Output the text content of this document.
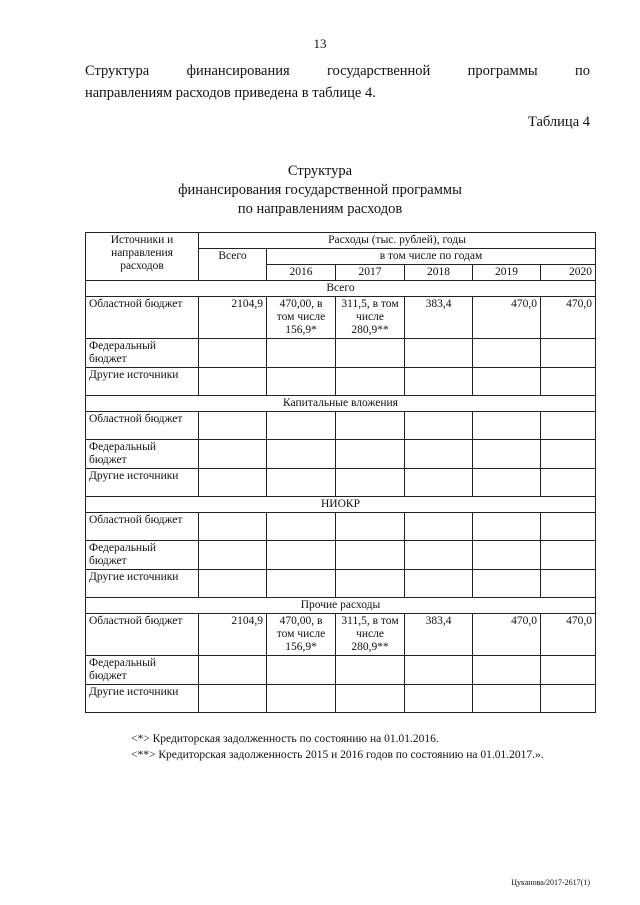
13
Структура	финансирования	государственной	программы	по
направлениям расходов приведена в таблице 4.
Таблица 4
Структура
финансирования государственной программы
по направлениям расходов
Источники и направления расходов	Расходы (тыс. рублей), годы					
	Всего	в том числе по годам				
		2016	2017	2018	2019	2020
Всего						
Областной бюджет	2104,9	470,00, в том числе 156,9*	311,5, в том числе 280,9**	383,4	470,0	470,0
Федеральный бюджет						
Другие источники						
Капитальные вложения						
Областной бюджет						
Федеральный бюджет						
Другие источники						
НИОКР						
Областной бюджет						
Федеральный бюджет						
Другие источники						
Прочие расходы						
Областной бюджет	2104,9	470,00, в том числе 156,9*	311,5, в том числе 280,9**	383,4	470,0	470,0
Федеральный бюджет						
Другие источники						
<*> Кредиторская задолженность по состоянию на 01.01.2016.
<**> Кредиторская задолженность 2015 и 2016 годов по состоянию на 01.01.2017.».
Цуканова/2017-2617(1)
